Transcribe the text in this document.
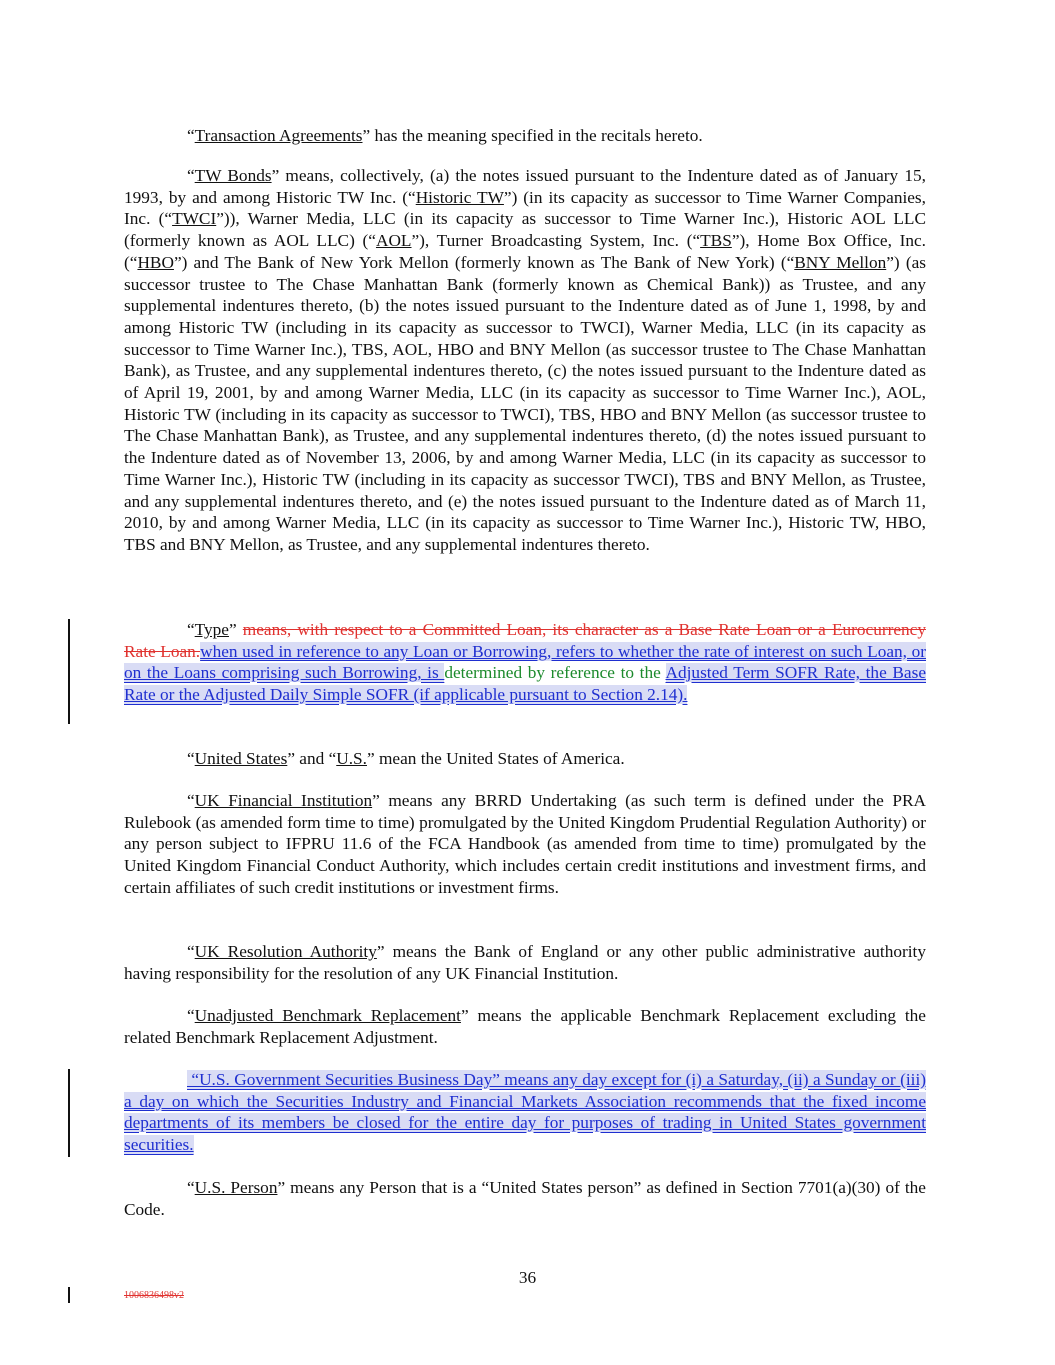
“Transaction Agreements” has the meaning specified in the recitals hereto.

“TW Bonds” means, collectively, (a) the notes issued pursuant to the Indenture dated as of January 15, 1993, by and among Historic TW Inc. (“Historic TW”) (in its capacity as successor to Time Warner Companies, Inc. (“TWCI”)), Warner Media, LLC (in its capacity as successor to Time Warner Inc.), Historic AOL LLC (formerly known as AOL LLC) (“AOL”), Turner Broadcasting System, Inc. (“TBS”), Home Box Office, Inc. (“HBO”) and The Bank of New York Mellon (formerly known as The Bank of New York) (“BNY Mellon”) (as successor trustee to The Chase Manhattan Bank (formerly known as Chemical Bank)) as Trustee, and any supplemental indentures thereto, (b) the notes issued pursuant to the Indenture dated as of June 1, 1998, by and among Historic TW (including in its capacity as successor to TWCI), Warner Media, LLC (in its capacity as successor to Time Warner Inc.), TBS, AOL, HBO and BNY Mellon (as successor trustee to The Chase Manhattan Bank), as Trustee, and any supplemental indentures thereto, (c) the notes issued pursuant to the Indenture dated as of April 19, 2001, by and among Warner Media, LLC (in its capacity as successor to Time Warner Inc.), AOL, Historic TW (including in its capacity as successor to TWCI), TBS, HBO and BNY Mellon (as successor trustee to The Chase Manhattan Bank), as Trustee, and any supplemental indentures thereto, (d) the notes issued pursuant to the Indenture dated as of November 13, 2006, by and among Warner Media, LLC (in its capacity as successor to Time Warner Inc.), Historic TW (including in its capacity as successor TWCI), TBS and BNY Mellon, as Trustee, and any supplemental indentures thereto, and (e) the notes issued pursuant to the Indenture dated as of March 11, 2010, by and among Warner Media, LLC (in its capacity as successor to Time Warner Inc.), Historic TW, HBO, TBS and BNY Mellon, as Trustee, and any supplemental indentures thereto.

“Type” means, with respect to a Committed Loan, its character as a Base Rate Loan or a Eurocurrency Rate Loan.when used in reference to any Loan or Borrowing, refers to whether the rate of interest on such Loan, or on the Loans comprising such Borrowing, is determined by reference to the Adjusted Term SOFR Rate, the Base Rate or the Adjusted Daily Simple SOFR (if applicable pursuant to Section 2.14).

“United States” and “U.S.” mean the United States of America.

“UK Financial Institution” means any BRRD Undertaking (as such term is defined under the PRA Rulebook (as amended form time to time) promulgated by the United Kingdom Prudential Regulation Authority) or any person subject to IFPRU 11.6 of the FCA Handbook (as amended from time to time) promulgated by the United Kingdom Financial Conduct Authority, which includes certain credit institutions and investment firms, and certain affiliates of such credit institutions or investment firms.

“UK Resolution Authority” means the Bank of England or any other public administrative authority having responsibility for the resolution of any UK Financial Institution.

“Unadjusted Benchmark Replacement” means the applicable Benchmark Replacement excluding the related Benchmark Replacement Adjustment.

“U.S. Government Securities Business Day” means any day except for (i) a Saturday, (ii) a Sunday or (iii) a day on which the Securities Industry and Financial Markets Association recommends that the fixed income departments of its members be closed for the entire day for purposes of trading in United States government securities.

“U.S. Person” means any Person that is a “United States person” as defined in Section 7701(a)(30) of the Code.

36
1006836498v2
